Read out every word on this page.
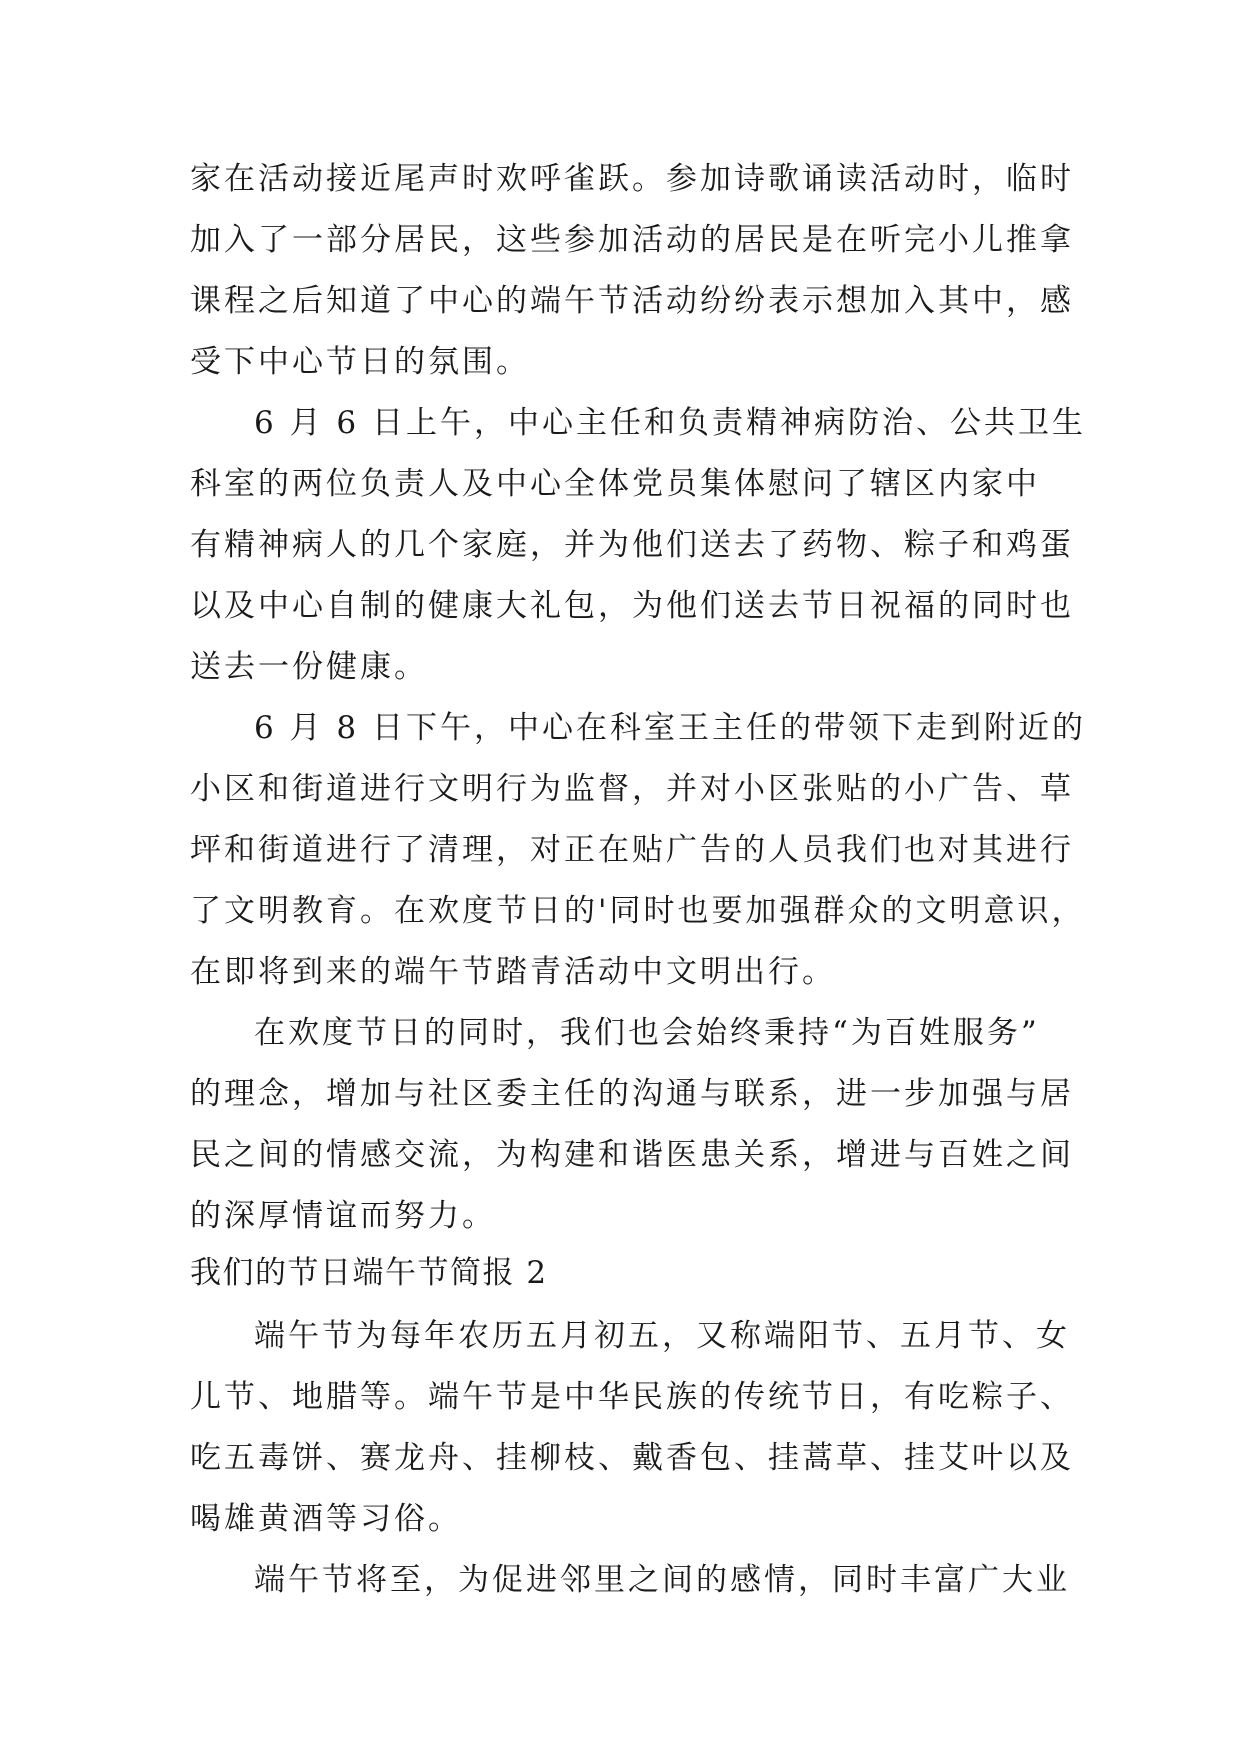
家在活动接近尾声时欢呼雀跃。参加诗歌诵读活动时，临时
加入了一部分居民，这些参加活动的居民是在听完小儿推拿
课程之后知道了中心的端午节活动纷纷表示想加入其中，感
受下中心节日的氛围。
6 月 6 日上午，中心主任和负责精神病防治、公共卫生
科室的两位负责人及中心全体党员集体慰问了辖区内家中
有精神病人的几个家庭，并为他们送去了药物、粽子和鸡蛋
以及中心自制的健康大礼包，为他们送去节日祝福的同时也
送去一份健康。
6 月 8 日下午，中心在科室王主任的带领下走到附近的
小区和街道进行文明行为监督，并对小区张贴的小广告、草
坪和街道进行了清理，对正在贴广告的人员我们也对其进行
了文明教育。在欢度节日的'同时也要加强群众的文明意识，
在即将到来的端午节踏青活动中文明出行。
在欢度节日的同时，我们也会始终秉持“为百姓服务”
的理念，增加与社区委主任的沟通与联系，进一步加强与居
民之间的情感交流，为构建和谐医患关系，增进与百姓之间
的深厚情谊而努力。
我们的节日端午节简报 2
端午节为每年农历五月初五，又称端阳节、五月节、女
儿节、地腊等。端午节是中华民族的传统节日，有吃粽子、
吃五毒饼、赛龙舟、挂柳枝、戴香包、挂蒿草、挂艾叶以及
喝雄黄酒等习俗。
端午节将至，为促进邻里之间的感情，同时丰富广大业
